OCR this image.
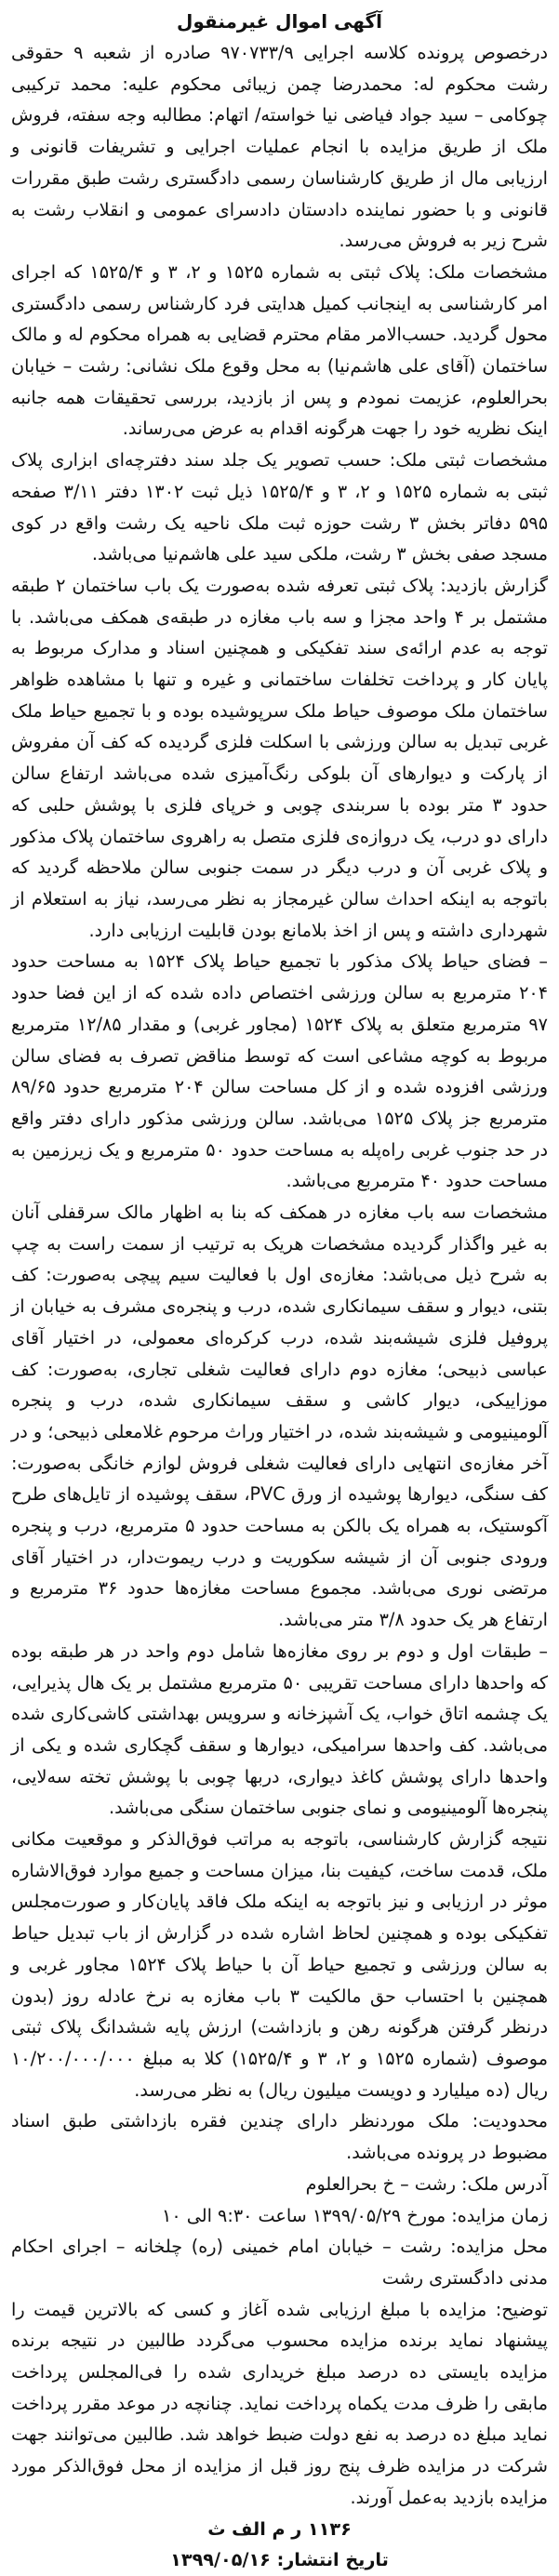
آگهی اموال غیرمنقول

درخصوص پرونده کلاسه اجرایی ۹۷۰۷۳۳/۹ صادره از شعبه ۹ حقوقی رشت محکوم له: محمدرضا چمن زیبائی محکوم علیه: محمد ترکیبی چوکامی – سید جواد فیاضی نیا خواسته/ اتهام: مطالبه وجه سفته، فروش ملک از طریق مزایده با انجام عملیات اجرایی و تشریفات قانونی و ارزیابی مال از طریق کارشناسان رسمی دادگستری رشت طبق مقررات قانونی و با حضور نماینده دادستان دادسرای عمومی و انقلاب رشت به شرح زیر به فروش می‌رسد.

مشخصات ملک: پلاک ثبتی به شماره ۱۵۲۵ و ۲، ۳ و ۱۵۲۵/۴ که اجرای امر کارشناسی به اینجانب کمیل هدایتی فرد کارشناس رسمی دادگستری محول گردید. حسب‌الامر مقام محترم قضایی به همراه محکوم له و مالک ساختمان (آقای علی هاشم‌نیا) به محل وقوع ملک نشانی: رشت – خیابان بحرالعلوم، عزیمت نمودم و پس از بازدید، بررسی تحقیقات همه جانبه اینک نظریه خود را جهت هرگونه اقدام به عرض می‌رساند.

مشخصات ثبتی ملک: حسب تصویر یک جلد سند دفترچه‌ای ابزاری پلاک ثبتی به شماره ۱۵۲۵ و ۲، ۳ و ۱۵۲۵/۴ ذیل ثبت ۱۳۰۲ دفتر ۳/۱۱ صفحه ۵۹۵ دفاتر بخش ۳ رشت حوزه ثبت ملک ناحیه یک رشت واقع در کوی مسجد صفی بخش ۳ رشت، ملکی سید علی هاشم‌نیا می‌باشد.

گزارش بازدید: پلاک ثبتی تعرفه شده به‌صورت یک باب ساختمان ۲ طبقه مشتمل بر ۴ واحد مجزا و سه باب مغازه در طبقه‌ی همکف می‌باشد. با توجه به عدم ارائه‌ی سند تفکیکی و همچنین اسناد و مدارک مربوط به پایان کار و پرداخت تخلفات ساختمانی و غیره و تنها با مشاهده ظواهر ساختمان ملک موصوف حیاط ملک سرپوشیده بوده و با تجمیع حیاط ملک غربی تبدیل به سالن ورزشی با اسکلت فلزی گردیده که کف آن مفروش از پارکت و دیوارهای آن بلوکی رنگ‌آمیزی شده می‌باشد ارتفاع سالن حدود ۳ متر بوده با سربندی چوبی و خرپای فلزی با پوشش حلبی که دارای دو درب، یک دروازه‌ی فلزی متصل به راهروی ساختمان پلاک مذکور و پلاک غربی آن و درب دیگر در سمت جنوبی سالن ملاحظه گردید که باتوجه به اینکه احداث سالن غیرمجاز به نظر می‌رسد، نیاز به استعلام از شهرداری داشته و پس از اخذ بلامانع بودن قابلیت ارزیابی دارد.

– فضای حیاط پلاک مذکور با تجمیع حیاط پلاک ۱۵۲۴ به مساحت حدود ۲۰۴ مترمربع به سالن ورزشی اختصاص داده شده که از این فضا حدود ۹۷ مترمربع متعلق به پلاک ۱۵۲۴ (مجاور غربی) و مقدار ۱۲/۸۵ مترمربع مربوط به کوچه مشاعی است که توسط مناقض تصرف به فضای سالن ورزشی افزوده شده و از کل مساحت سالن ۲۰۴ مترمربع حدود ۸۹/۶۵ مترمربع جز پلاک ۱۵۲۵ می‌باشد. سالن ورزشی مذکور دارای دفتر واقع در حد جنوب غربی راه‌پله به مساحت حدود ۵۰ مترمربع و یک زیرزمین به مساحت حدود ۴۰ مترمربع می‌باشد.

مشخصات سه باب مغازه در همکف که بنا به اظهار مالک سرقفلی آنان به غیر واگذار گردیده مشخصات هریک به ترتیب از سمت راست به چپ به شرح ذیل می‌باشد: مغازه‌ی اول با فعالیت سیم پیچی به‌صورت: کف بتنی، دیوار و سقف سیمانکاری شده، درب و پنجره‌ی مشرف به خیابان از پروفیل فلزی شیشه‌بند شده، درب کرکره‌ای معمولی، در اختیار آقای عباسی ذبیحی؛ مغازه دوم دارای فعالیت شغلی تجاری، به‌صورت: کف موزاییکی، دیوار کاشی و سقف سیمانکاری شده، درب و پنجره آلومینیومی و شیشه‌بند شده، در اختیار وراث مرحوم غلامعلی ذبیحی؛ و در آخر مغازه‌ی انتهایی دارای فعالیت شغلی فروش لوازم خانگی به‌صورت: کف سنگی، دیوارها پوشیده از ورق PVC، سقف پوشیده از تایل‌های طرح آکوستیک، به همراه یک بالکن به مساحت حدود ۵ مترمربع، درب و پنجره ورودی جنوبی آن از شیشه سکوریت و درب ریموت‌دار، در اختیار آقای مرتضی نوری می‌باشد. مجموع مساحت مغازه‌ها حدود ۳۶ مترمربع و ارتفاع هر یک حدود ۳/۸ متر می‌باشد.

– طبقات اول و دوم بر روی مغازه‌ها شامل دوم واحد در هر طبقه بوده که واحدها دارای مساحت تقریبی ۵۰ مترمربع مشتمل بر یک هال پذیرایی، یک چشمه اتاق خواب، یک آشپزخانه و سرویس بهداشتی کاشی‌کاری شده می‌باشد. کف واحدها سرامیکی، دیوارها و سقف گچکاری شده و یکی از واحدها دارای پوشش کاغذ دیواری، دربها چوبی با پوشش تخته سه‌لایی، پنجره‌ها آلومینیومی و نمای جنوبی ساختمان سنگی می‌باشد.

نتیجه گزارش کارشناسی، باتوجه به مراتب فوق‌الذکر و موقعیت مکانی ملک، قدمت ساخت، کیفیت بنا، میزان مساحت و جمیع موارد فوق‌الاشاره موثر در ارزیابی و نیز باتوجه به اینکه ملک فاقد پایان‌کار و صورت‌مجلس تفکیکی بوده و همچنین لحاظ اشاره شده در گزارش از باب تبدیل حیاط به سالن ورزشی و تجمیع حیاط آن با حیاط پلاک ۱۵۲۴ مجاور غربی و همچنین با احتساب حق مالکیت ۳ باب مغازه به نرخ عادله روز (بدون درنظر گرفتن هرگونه رهن و بازداشت) ارزش پایه ششدانگ پلاک ثبتی موصوف (شماره ۱۵۲۵ و ۲، ۳ و ۱۵۲۵/۴) کلا به مبلغ ۱۰/۲۰۰/۰۰۰/۰۰۰ ریال (ده میلیارد و دویست میلیون ریال) به نظر می‌رسد.

محدودیت: ملک موردنظر دارای چندین فقره بازداشتی طبق اسناد مضبوط در پرونده می‌باشد.

آدرس ملک: رشت – خ بحرالعلوم

زمان مزایده: مورخ ۱۳۹۹/۰۵/۲۹ ساعت ۹:۳۰ الی ۱۰

محل مزایده: رشت – خیابان امام خمینی (ره) چلخانه – اجرای احکام مدنی دادگستری رشت

توضیح: مزایده با مبلغ ارزیابی شده آغاز و کسی که بالاترین قیمت را پیشنهاد نماید برنده مزایده محسوب می‌گردد طالبین در نتیجه برنده مزایده بایستی ده درصد مبلغ خریداری شده را فی‌المجلس پرداخت مابقی را ظرف مدت یکماه پرداخت نماید. چنانچه در موعد مقرر پرداخت نماید مبلغ ده درصد به نفع دولت ضبط خواهد شد. طالبین می‌توانند جهت شرکت در مزایده ظرف پنج روز قبل از مزایده از محل فوق‌الذکر مورد مزایده بازدید به‌عمل آورند.

۱۱۳۶ ر م الف ث

تاریخ انتشار: ۱۳۹۹/۰۵/۱۶
